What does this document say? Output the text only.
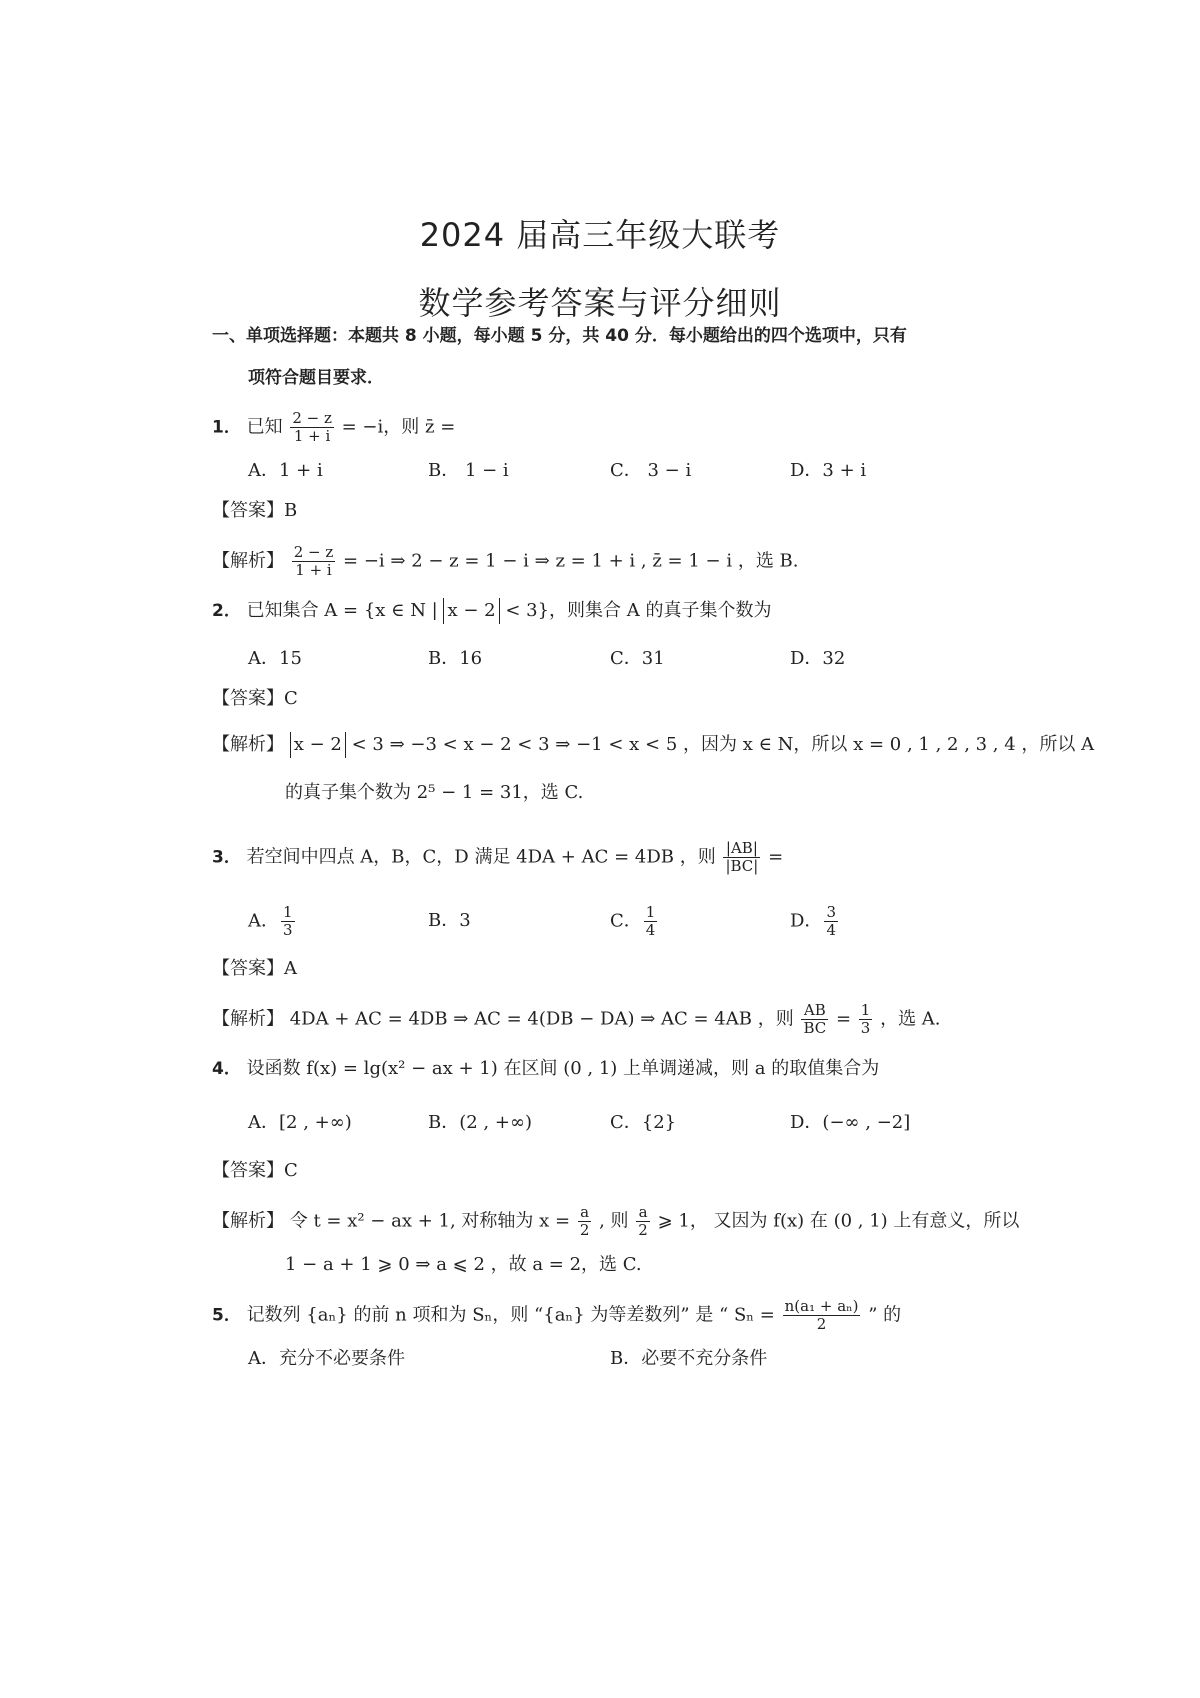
2024 届高三年级大联考
数学参考答案与评分细则
一、单项选择题：本题共 8 小题，每小题 5 分，共 40 分．每小题给出的四个选项中，只有
项符合题目要求．
1． 已知 $\frac{2 - z}{1 + i} = -i$，则 z̄ =
A．1 + i	B． 1 − i	C． 3 − i	D．3 + i
【答案】B
【解析】 $\frac{2 - z}{1 + i} = -i$ ⇒ 2 − z = 1 − i ⇒ z = 1 + i , z̄ = 1 − i ，选 B.
2． 已知集合 A = {x ∈ N | x − 2 < 3}，则集合 A 的真子集个数为
A．15	B．16	C．31	D．32
【答案】C
【解析】 x − 2 < 3 ⇒ −3 < x − 2 < 3 ⇒ −1 < x < 5 ，因为 x ∈ N，所以 x = 0 , 1 , 2 , 3 , 4 ，所以 A
的真子集个数为 2⁵ − 1 = 31，选 C.
3． 若空间中四点 A，B，C，D 满足 4DA + AC = 4DB ，则 $\frac{|AB|}{|BC|}$ =
A． $\frac{1}{3}$	B．3	C． $\frac{1}{4}$	D． $\frac{3}{4}$
【答案】A
【解析】 4DA + AC = 4DB ⇒ AC = 4(DB − DA) ⇒ AC = 4AB ，则 $\frac{AB}{BC} = \frac{1}{3}$ ，选 A.
4． 设函数 f(x) = lg(x² − ax + 1) 在区间 (0 , 1) 上单调递减，则 a 的取值集合为
A．[2 , +∞)	B．(2 , +∞)	C．{2}	D．(−∞ , −2]
【答案】C
【解析】 令 t = x² − ax + 1, 对称轴为 $x = \frac{a}{2}$ , 则 $\frac{a}{2}$ ⩾ 1， 又因为 f(x) 在 (0 , 1) 上有意义，所以
1 − a + 1 ⩾ 0 ⇒ a ⩽ 2 ，故 a = 2，选 C.
5． 记数列 {aₙ} 的前 n 项和为 Sₙ，则 “{aₙ} 为等差数列” 是 “ $S_n = \frac{\text{n(a₁ + aₙ)}}{2}$ ” 的
A．充分不必要条件	B．必要不充分条件
